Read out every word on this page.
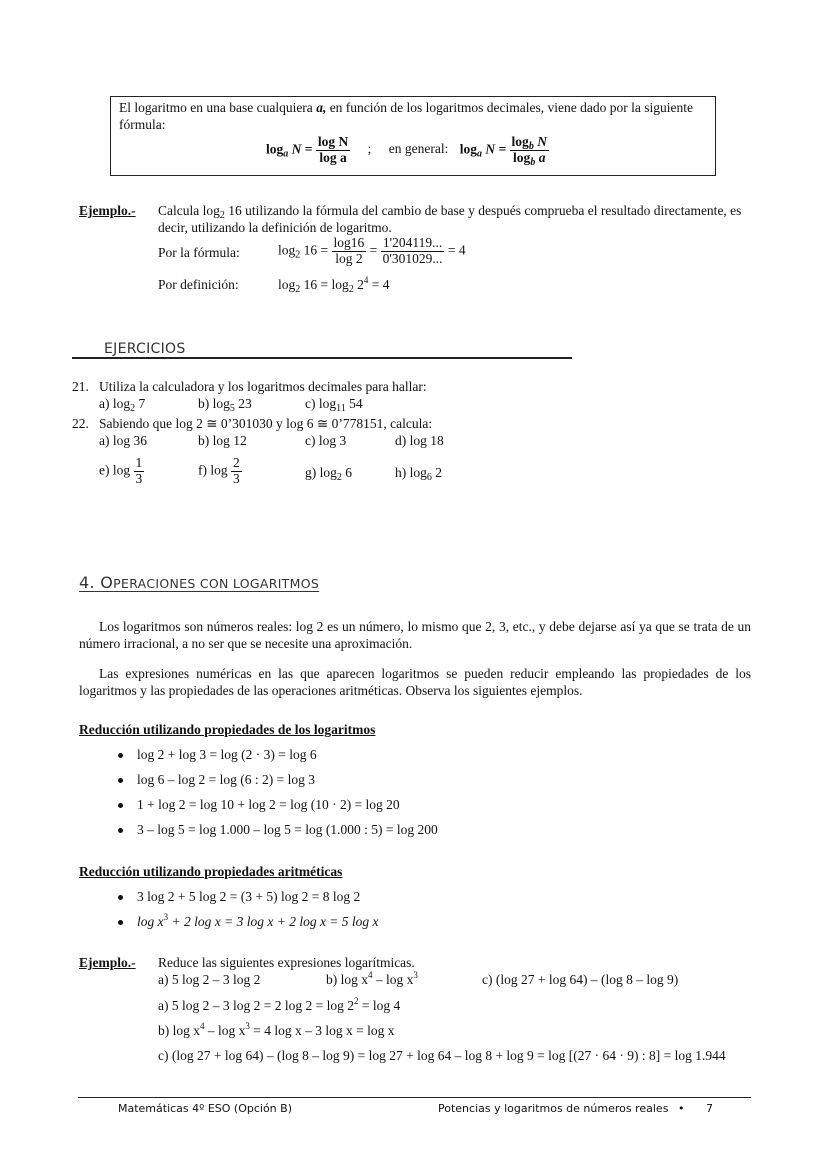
El logaritmo en una base cualquiera a, en función de los logaritmos decimales, viene dado por la siguiente fórmula:

$\log_a N = \frac{\text{log N}}{\text{log a}}$ ; en general: $\log_a N = \frac{\log_b N}{\log_b a}$
Ejemplo.- Calcula $\log_2 16$ utilizando la fórmula del cambio de base y después comprueba el resultado directamente, es decir, utilizando la definición de logaritmo.
Por la fórmula:	$\log_2 16 = \frac{\log 16}{\log 2} = \frac{1'204119...}{0'301029...} = 4$
Por definición:	$\log_2 16 = \log_2 2^4 = 4$
EJERCICIOS
21. Utiliza la calculadora y los logaritmos decimales para hallar:
a) $\log_2 7$	b) $\log_5 23$	c) $\log_{11} 54$
22. Sabiendo que log 2 ≅ 0’301030 y log 6 ≅ 0’778151, calcula:
a) log 36	b) log 12	c) log 3	d) log 18
e) $\log \frac{1}{3}$	f) $\log \frac{2}{3}$	g) $\log_2 6$	h) $\log_6 2$
4. OPERACIONES CON LOGARITMOS
Los logaritmos son números reales: log 2 es un número, lo mismo que 2, 3, etc., y debe dejarse así ya que se trata de un número irracional, a no ser que se necesite una aproximación.
Las expresiones numéricas en las que aparecen logaritmos se pueden reducir empleando las propiedades de los logaritmos y las propiedades de las operaciones aritméticas. Observa los siguientes ejemplos.
Reducción utilizando propiedades de los logaritmos
log 2 + log 3 = log (2 · 3) = log 6
log 6 – log 2 = log (6 : 2) = log 3
1 + log 2 = log 10 + log 2 = log (10 · 2) = log 20
3 – log 5 = log 1.000 – log 5 = log (1.000 : 5) = log 200
Reducción utilizando propiedades aritméticas
3 log 2 + 5 log 2 = (3 + 5) log 2 = 8 log 2
$\log x^3 + 2$ log x = 3 log x + 2 log x = 5 log x
Ejemplo.- Reduce las siguientes expresiones logarítmicas.
a) 5 log 2 – 3 log 2	b) $\log x^4$ – $\log x^3$	c) (log 27 + log 64) – (log 8 – log 9)
a) 5 log 2 – 3 log 2 = 2 $\log 2 = \log 2^2 = \log 4$
b) $\log x^4 - \log x^3 = 4$ log x – 3 log x = log x
c) (log 27 + log 64) – (log 8 – log 9) = log 27 + log 64 – log 8 + log 9 = log [(27 · 64 · 9) : 8] = log 1.944
Matemáticas 4º ESO (Opción B)	Potencias y logaritmos de números reales • 7
